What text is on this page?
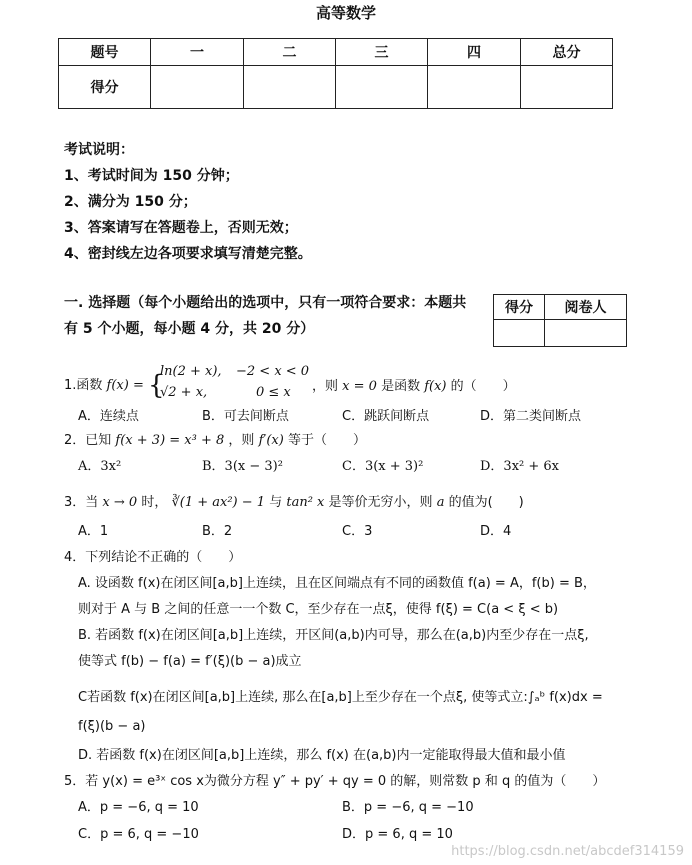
高等数学
题号	一	二	三	四	总分
得分					
考试说明：
1、考试时间为 150 分钟；
2、满分为 150 分；
3、答案请写在答题卷上，否则无效；
4、密封线左边各项要求填写清楚完整。
一. 选择题（每个小题给出的选项中，只有一项符合要求：本题共
有 5 个小题，每小题 4 分，共 20 分）
得分	阅卷人

1.函数 f(x) = {
ln(2 + x), −2 < x < 0
√2 + x,	0 ≤ x ，则 x = 0 是函数 f(x) 的（　　）
A．连续点	B．可去间断点	C．跳跃间断点	D．第二类间断点
2．已知 f(x + 3) = x³ + 8 ，则 f′(x) 等于（　　）
A．3x²	B．3(x − 3)²	C．3(x + 3)²	D．3x² + 6x
3．当 x → 0 时， ∛(1 + ax²) − 1 与 tan² x 是等价无穷小，则 a 的值为(　　)
A．1	B．2	C．3	D．4
4．下列结论不正确的（　　）
A. 设函数 f(x)在闭区间[a,b]上连续，且在区间端点有不同的函数值 f(a) = A，f(b) = B，
则对于 A 与 B 之间的任意一一个数 C，至少存在一点ξ，使得 f(ξ) = C(a < ξ < b)
B. 若函数 f(x)在闭区间[a,b]上连续，开区间(a,b)内可导，那么在(a,b)内至少存在一点ξ,
使等式 f(b) − f(a) = f′(ξ)(b − a)成立
C若函数 f(x)在闭区间[a,b]上连续, 那么在[a,b]上至少存在一个点ξ, 使等式立:∫ₐᵇ f(x)dx =
f(ξ)(b − a)
D. 若函数 f(x)在闭区间[a,b]上连续，那么 f(x) 在(a,b)内一定能取得最大值和最小值
5．若 y(x) = e³ˣ cos x为微分方程 y″ + py′ + qy = 0 的解，则常数 p 和 q 的值为（　　）
A．p = −6, q = 10	B．p = −6, q = −10
C．p = 6, q = −10	D．p = 6, q = 10
https://blog.csdn.net/abcdef314159
